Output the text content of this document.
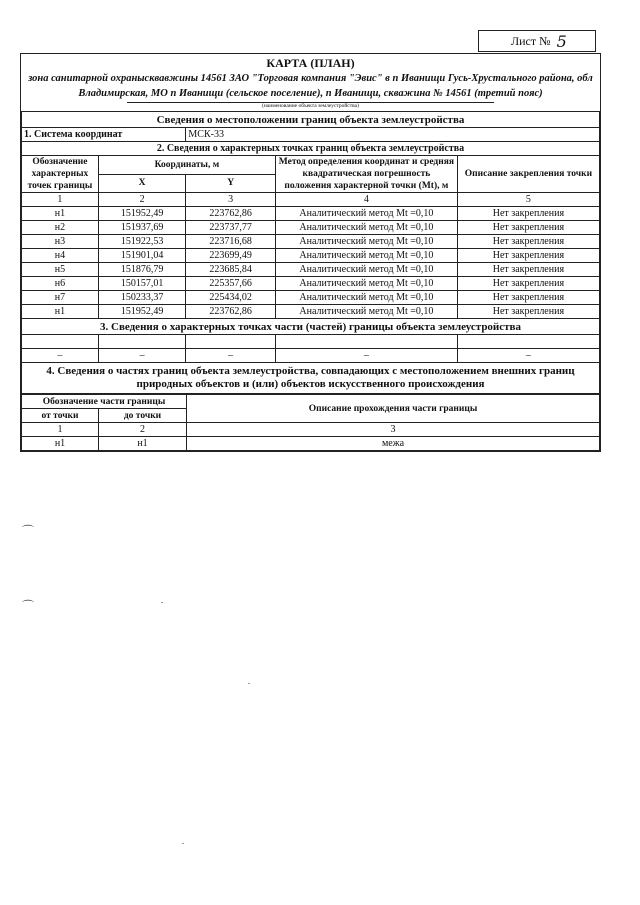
Лист № 5
КАРТА (ПЛАН)
зона санитарной охранысквавжины 14561 ЗАО "Торговая компания "Эвис" в п Иванищи Гусь-Хрустального района, обл Владимирская, МО п Иванищи (сельское поселение), п Иванищи, скважина № 14561 (третий пояс)
(наименование объекта землеустройства)
Сведения о местоположении границ объекта землеустройства				
1. Система координат		МСК-33		
2. Сведения о характерных точках границ объекта землеустройства				
Обозначение характерных точек границы	Координаты, м		Метод определения координат и средняя квадратическая погрешность положения характерной точки (Mt), м	Описание закрепления точки
	X	Y		
1	2	3	4	5
н1	151952,49	223762,86	Аналитический метод Mt =0,10	Нет закрепления
н2	151937,69	223737,77	Аналитический метод Mt =0,10	Нет закрепления
н3	151922,53	223716,68	Аналитический метод Mt =0,10	Нет закрепления
н4	151901,04	223699,49	Аналитический метод Mt =0,10	Нет закрепления
н5	151876,79	223685,84	Аналитический метод Mt =0,10	Нет закрепления
н6	150157,01	225357,66	Аналитический метод Mt =0,10	Нет закрепления
н7	150233,37	225434,02	Аналитический метод Mt =0,10	Нет закрепления
н1	151952,49	223762,86	Аналитический метод Mt =0,10	Нет закрепления
3. Сведения о характерных точках части (частей) границы объекта землеустройства				

–	–	–	–	–
4. Сведения о частях границ объекта землеустройства, совпадающих с местоположением внешних границ природных объектов и (или) объектов искусственного происхождения				
Обозначение части границы		Описание прохождения части границы
от точки	до точки	
1	2	3
н1	н1	межа
⌒
⌒
